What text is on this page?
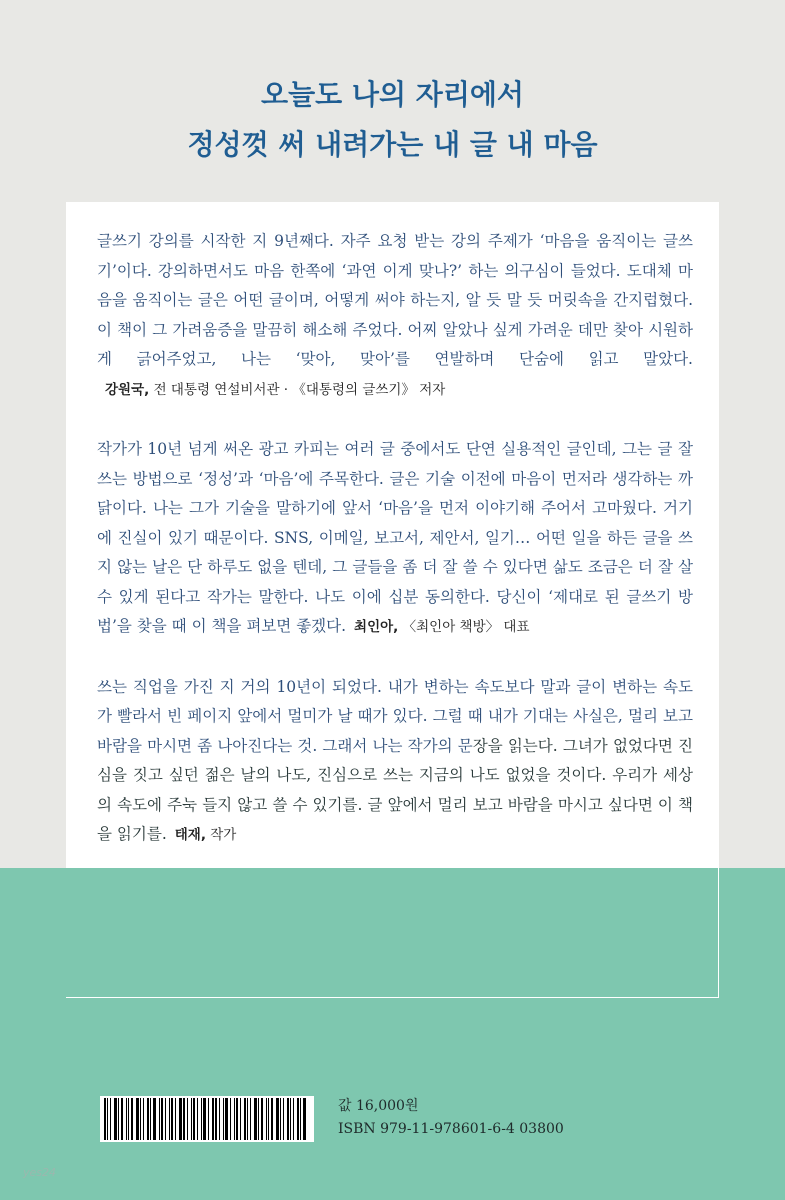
오늘도 나의 자리에서
정성껏 써 내려가는 내 글 내 마음

글쓰기 강의를 시작한 지 9년째다. 자주 요청 받는 강의 주제가 ‘마음을 움직이는 글쓰기’이다. 강의하면서도 마음 한쪽에 ‘과연 이게 맞나?’ 하는 의구심이 들었다. 도대체 마음을 움직이는 글은 어떤 글이며, 어떻게 써야 하는지, 알 듯 말 듯 머릿속을 간지럽혔다. 이 책이 그 가려움증을 말끔히 해소해 주었다. 어찌 알았나 싶게 가려운 데만 찾아 시원하게 긁어주었고, 나는 ‘맞아, 맞아’를 연발하며 단숨에 읽고 말았다.강원국, 전 대통령 연설비서관 · 《대통령의 글쓰기》 저자

작가가 10년 넘게 써온 광고 카피는 여러 글 중에서도 단연 실용적인 글인데, 그는 글 잘 쓰는 방법으로 ‘정성’과 ‘마음’에 주목한다. 글은 기술 이전에 마음이 먼저라 생각하는 까닭이다. 나는 그가 기술을 말하기에 앞서 ‘마음’을 먼저 이야기해 주어서 고마웠다. 거기에 진실이 있기 때문이다. SNS, 이메일, 보고서, 제안서, 일기… 어떤 일을 하든 글을 쓰지 않는 날은 단 하루도 없을 텐데, 그 글들을 좀 더 잘 쓸 수 있다면 삶도 조금은 더 잘 살 수 있게 된다고 작가는 말한다. 나도 이에 십분 동의한다. 당신이 ‘제대로 된 글쓰기 방법’을 찾을 때 이 책을 펴보면 좋겠다. 최인아, 〈최인아 책방〉 대표

쓰는 직업을 가진 지 거의 10년이 되었다. 내가 변하는 속도보다 말과 글이 변하는 속도가 빨라서 빈 페이지 앞에서 멀미가 날 때가 있다. 그럴 때 내가 기대는 사실은, 멀리 보고 바람을 마시면 좀 나아진다는 것. 그래서 나는 작가의 문장을 읽는다. 그녀가 없었다면 진심을 짓고 싶던 젊은 날의 나도, 진심으로 쓰는 지금의 나도 없었을 것이다. 우리가 세상의 속도에 주눅 들지 않고 쓸 수 있기를. 글 앞에서 멀리 보고 바람을 마시고 싶다면 이 책을 읽기를. 태재, 작가

값 16,000원
ISBN 979-11-978601-6-4 03800
yes24
